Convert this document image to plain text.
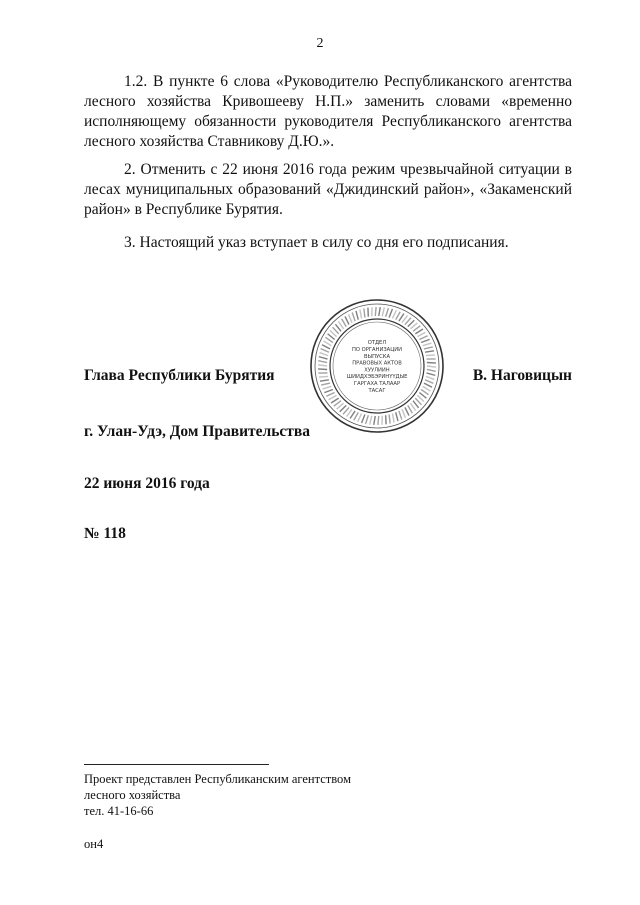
2

1.2. В пункте 6 слова «Руководителю Республиканского агентства лесного хозяйства Кривошееву Н.П.» заменить словами «временно исполняющему обязанности руководителя Республиканского агентства лесного хозяйства Ставникову Д.Ю.».

2. Отменить с 22 июня 2016 года режим чрезвычайной ситуации в лесах муниципальных образований «Джидинский район», «Закаменский район» в Республике Бурятия.

3. Настоящий указ вступает в силу со дня его подписания.

ОТДЕЛ
ПО ОРГАНИЗАЦИИ
ВЫПУСКА
ПРАВОВЫХ АКТОВ
ХУУЛИИН
ШИИДХЭБЭРИНҮҮДЫЕ
ГАРГАХА ТАЛААР
ТАСАГ
Глава Республики Бурятия	В. Наговицын
г. Улан-Удэ, Дом Правительства
22 июня 2016 года
№ 118

Проект представлен Республиканским агентством

лесного хозяйства

тел. 41-16-66

он4
